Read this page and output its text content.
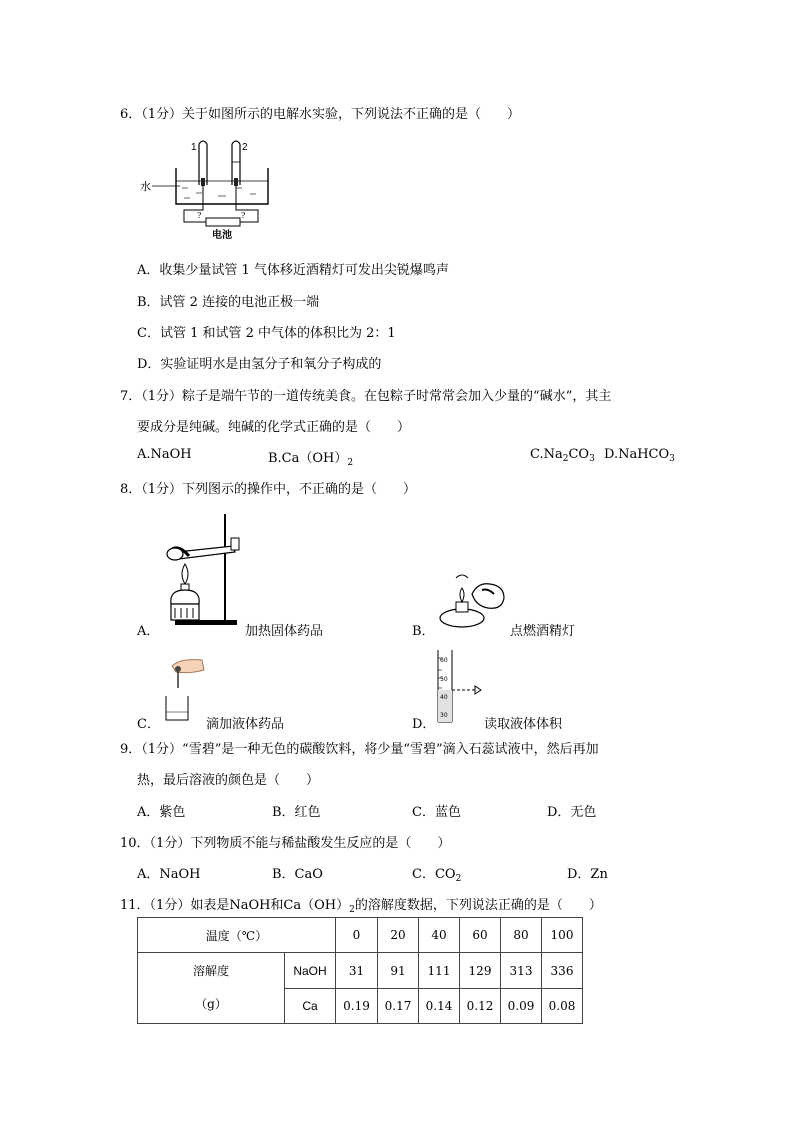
6．（1分）关于如图所示的电解水实验，下列说法不正确的是（　　）
1	2
水
?	?
电池
A．收集少量试管 1 气体移近酒精灯可发出尖锐爆鸣声
B．试管 2 连接的电池正极一端
C．试管 1 和试管 2 中气体的体积比为 2：1
D．实验证明水是由氢分子和氧分子构成的
7．（1分）粽子是端午节的一道传统美食。在包粽子时常常会加入少量的“碱水”，其主
要成分是纯碱。纯碱的化学式正确的是（　　）
A.NaOH	$B.Ca(OH)_2$
$C.Na_2CO_3$ D.NaHCO$_3$
8．（1分）下列图示的操作中，不正确的是（　　）
A．	加热固体药品	B．	点燃酒精灯
C．	滴加液体药品
60
50
40
30
D．	读取液体体积
9．（1分）“雪碧”是一种无色的碳酸饮料，将少量“雪碧”滴入石蕊试液中，然后再加
热，最后溶液的颜色是（　　）
A．紫色	B．红色	C．蓝色	D．无色
10．（1分）下列物质不能与稀盐酸发生反应的是（　　）
A．NaOH	B．CaO	C．$CO_2$	D．Zn
11．（1分）如表是NaOH和$Ca(OH)_2$的溶解度数据，下列说法正确的是（　　）
温度（℃）		0	20	40	60	80	100

溶解度
（g）	NaOH	31	91	111	129	313	336
	Ca	0.19	0.17	0.14	0.12	0.09	0.08
